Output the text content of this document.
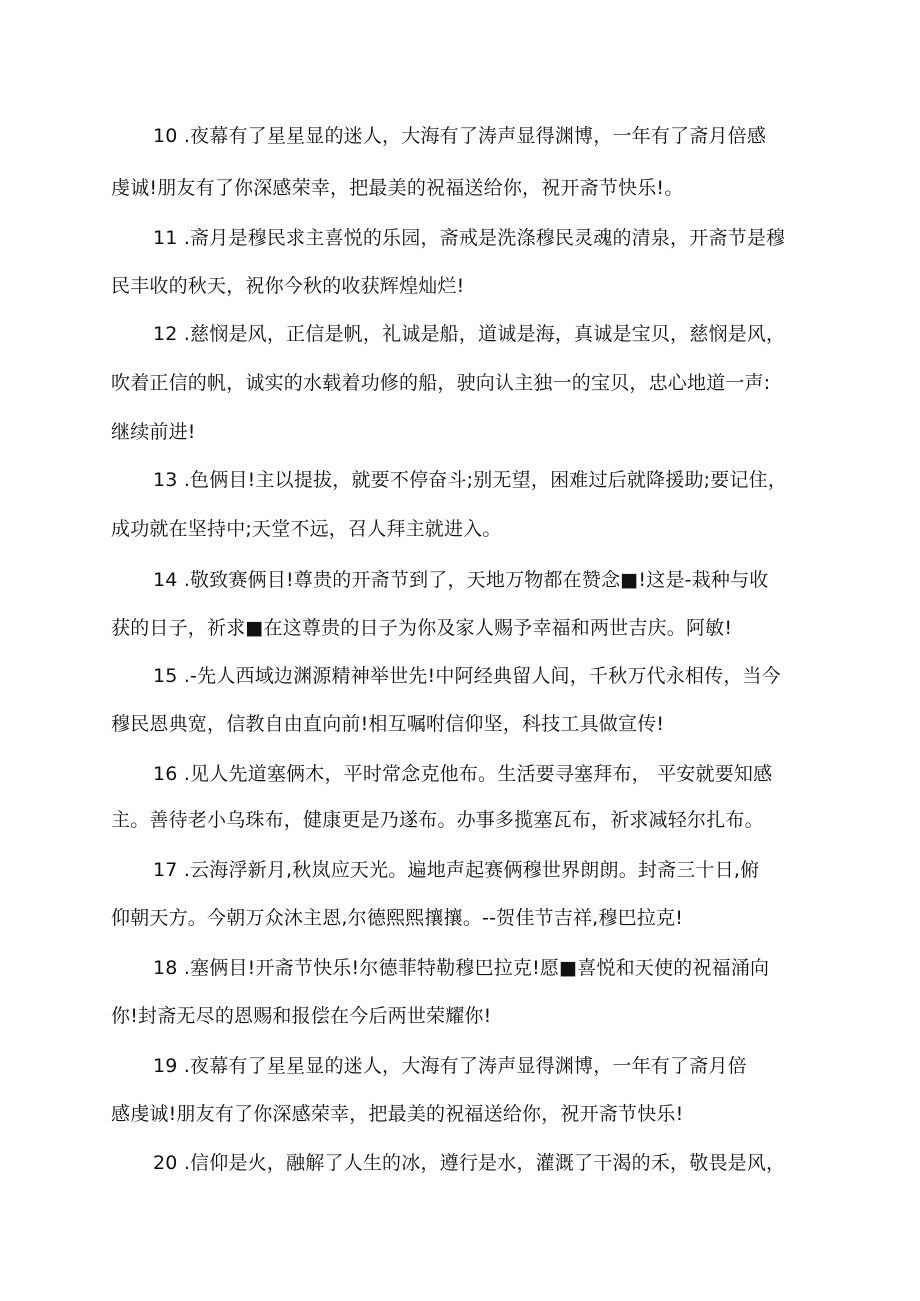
10 .夜幕有了星星显的迷人，大海有了涛声显得渊博，一年有了斋月倍感
虔诚!朋友有了你深感荣幸，把最美的祝福送给你，祝开斋节快乐!。
11 .斋月是穆民求主喜悦的乐园，斋戒是洗涤穆民灵魂的清泉，开斋节是穆
民丰收的秋天，祝你今秋的收获辉煌灿烂!
12 .慈悯是风，正信是帆，礼诚是船，道诚是海，真诚是宝贝，慈悯是风，
吹着正信的帆，诚实的水载着功修的船，驶向认主独一的宝贝，忠心地道一声:
继续前进!
13 .色俩目!主以提拔，就要不停奋斗;别无望，困难过后就降援助;要记住，
成功就在坚持中;天堂不远，召人拜主就进入。
14 .敬致赛俩目!尊贵的开斋节到了，天地万物都在赞念■!这是-栽种与收
获的日子，祈求■在这尊贵的日子为你及家人赐予幸福和两世吉庆。阿敏!
15 .-先人西域边渊源精神举世先!中阿经典留人间，千秋万代永相传，当今
穆民恩典宽，信教自由直向前!相互嘱咐信仰坚，科技工具做宣传!
16 .见人先道塞俩木，平时常念克他布。生活要寻塞拜布， 平安就要知感
主。善待老小乌珠布，健康更是乃遂布。办事多揽塞瓦布，祈求减轻尔扎布。
17 .云海浮新月,秋岚应天光。遍地声起赛俩穆世界朗朗。封斋三十日,俯
仰朝天方。今朝万众沐主恩,尔德熙熙攘攘。--贺佳节吉祥,穆巴拉克!
18 .塞俩目!开斋节快乐!尔德菲特勒穆巴拉克!愿■喜悦和天使的祝福涌向
你!封斋无尽的恩赐和报偿在今后两世荣耀你!
19 .夜幕有了星星显的迷人，大海有了涛声显得渊博，一年有了斋月倍
感虔诚!朋友有了你深感荣幸，把最美的祝福送给你，祝开斋节快乐!
20 .信仰是火，融解了人生的冰，遵行是水，灌溉了干渴的禾，敬畏是风，
